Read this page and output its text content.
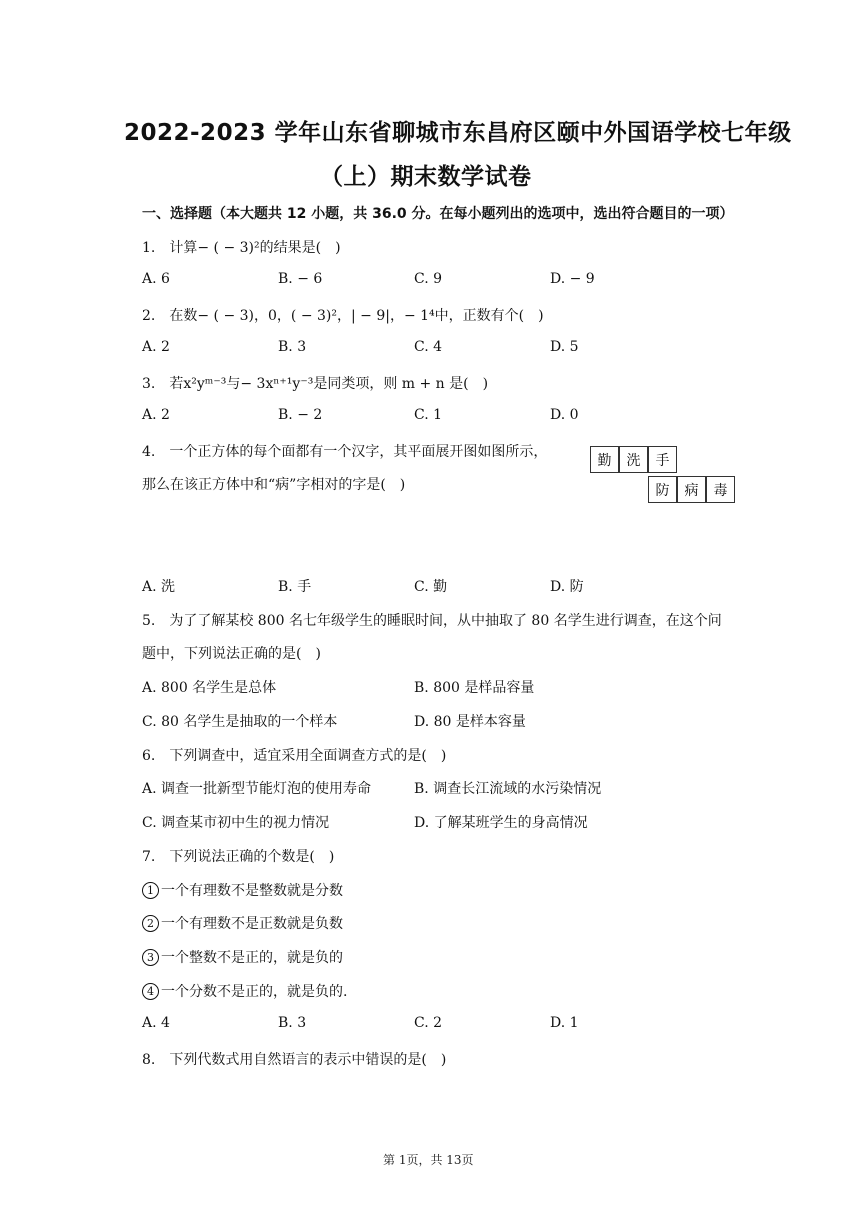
2022-2023 学年山东省聊城市东昌府区颐中外国语学校七年级
（上）期末数学试卷
一、选择题（本大题共 12 小题，共 36.0 分。在每小题列出的选项中，选出符合题目的一项）
1.　计算− ( − 3)²的结果是(　)
A. 6	B. − 6	C. 9	D. − 9
2.　在数− ( − 3)，0，( − 3)²，| − 9|，− 1⁴中，正数有个(　)
A. 2	B. 3	C. 4	D. 5
3.　若x²yᵐ⁻³与− 3xⁿ⁺¹y⁻³是同类项，则 m + n 是(　)
A. 2	B. − 2	C. 1	D. 0
4.　一个正方体的每个面都有一个汉字，其平面展开图如图所示，
那么在该正方体中和“病”字相对的字是(　)
勤	洗	手
防	病	毒
A. 洗	B. 手	C. 勤	D. 防
5.　为了了解某校 800 名七年级学生的睡眠时间，从中抽取了 80 名学生进行调查，在这个问
题中，下列说法正确的是(　)
A. 800 名学生是总体	B. 800 是样品容量
C. 80 名学生是抽取的一个样本	D. 80 是样本容量
6.　下列调查中，适宜采用全面调查方式的是(　)
A. 调查一批新型节能灯泡的使用寿命	B. 调查长江流域的水污染情况
C. 调查某市初中生的视力情况	D. 了解某班学生的身高情况
7.　下列说法正确的个数是(　)
1 一个有理数不是整数就是分数
2 一个有理数不是正数就是负数
3 一个整数不是正的，就是负的
4 一个分数不是正的，就是负的.
A. 4	B. 3	C. 2	D. 1
8.　下列代数式用自然语言的表示中错误的是(　)
第 1页，共 13页
